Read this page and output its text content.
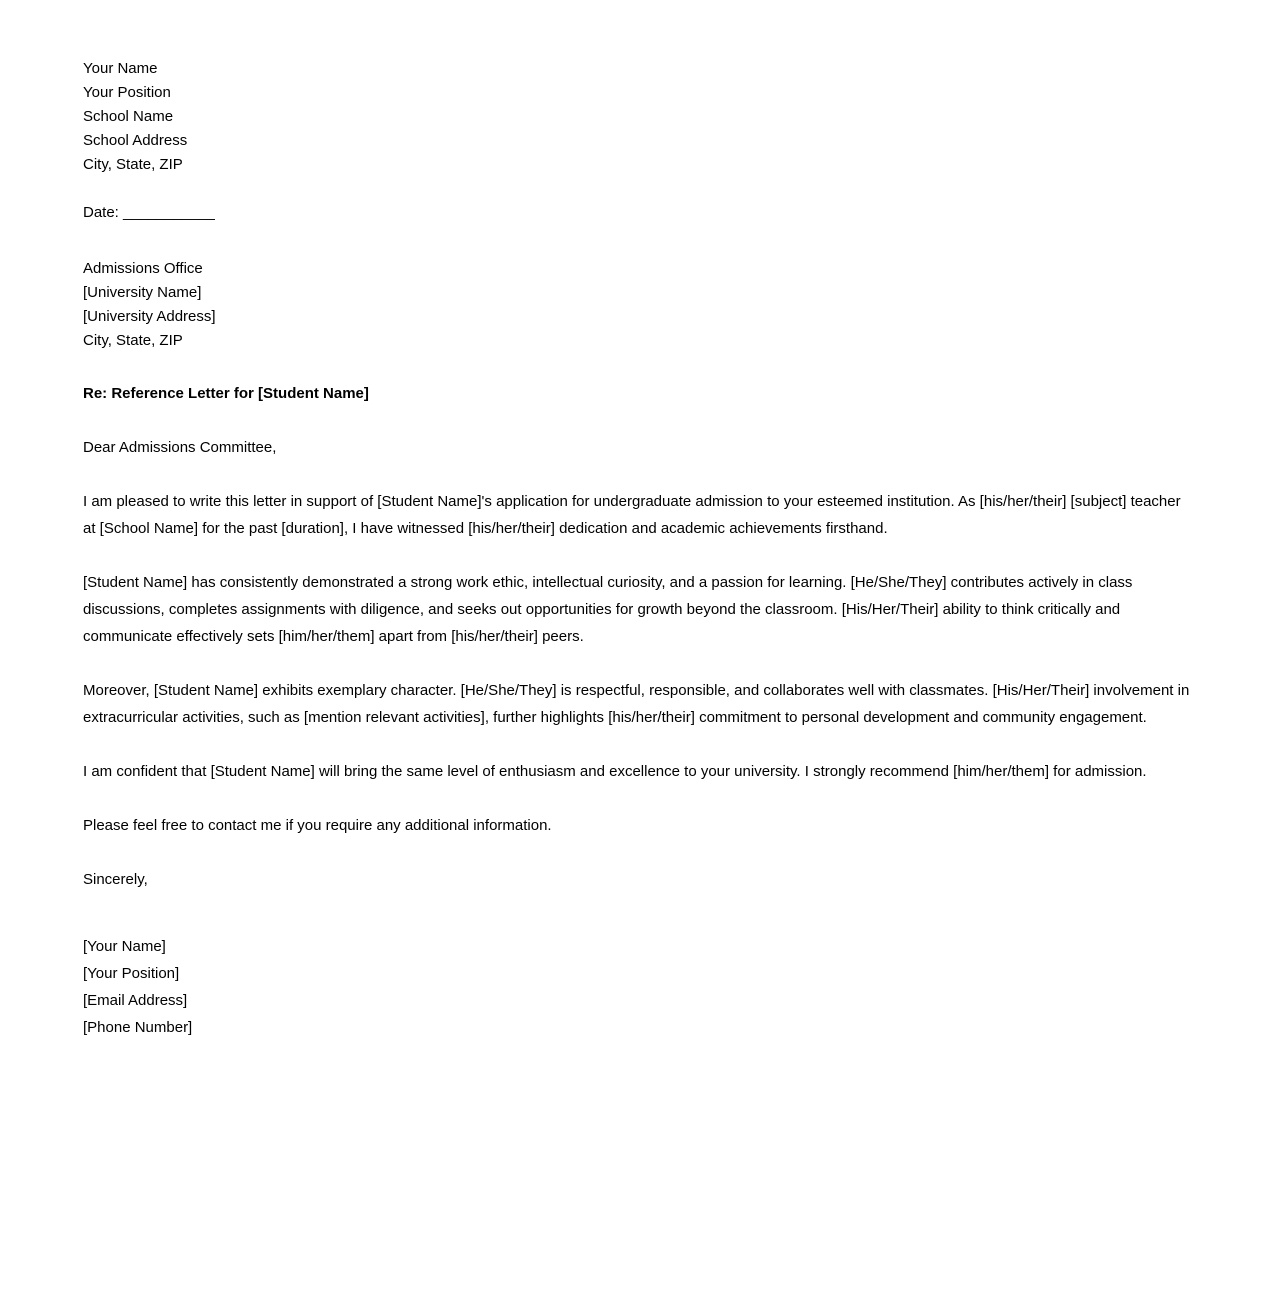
Your Name
Your Position
School Name
School Address
City, State, ZIP
Date: ___________
Admissions Office
[University Name]
[University Address]
City, State, ZIP
Re: Reference Letter for [Student Name]
Dear Admissions Committee,
I am pleased to write this letter in support of [Student Name]'s application for undergraduate admission to your esteemed institution. As [his/her/their] [subject] teacher at [School Name] for the past [duration], I have witnessed [his/her/their] dedication and academic achievements firsthand.
[Student Name] has consistently demonstrated a strong work ethic, intellectual curiosity, and a passion for learning. [He/She/They] contributes actively in class discussions, completes assignments with diligence, and seeks out opportunities for growth beyond the classroom. [His/Her/Their] ability to think critically and communicate effectively sets [him/her/them] apart from [his/her/their] peers.
Moreover, [Student Name] exhibits exemplary character. [He/She/They] is respectful, responsible, and collaborates well with classmates. [His/Her/Their] involvement in extracurricular activities, such as [mention relevant activities], further highlights [his/her/their] commitment to personal development and community engagement.
I am confident that [Student Name] will bring the same level of enthusiasm and excellence to your university. I strongly recommend [him/her/them] for admission.
Please feel free to contact me if you require any additional information.
Sincerely,
[Your Name]
[Your Position]
[Email Address]
[Phone Number]
